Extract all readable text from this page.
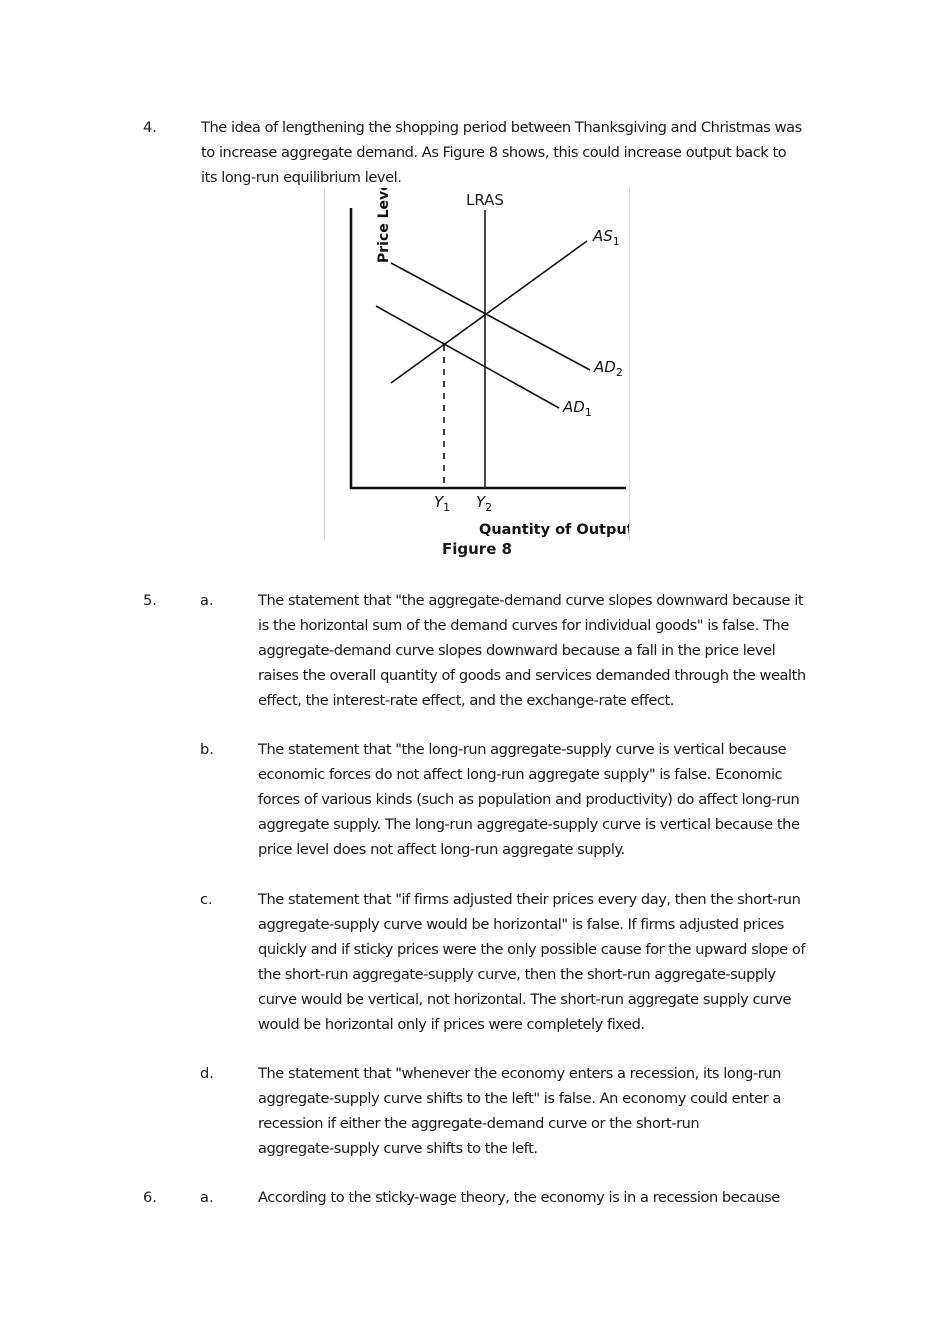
4.	The idea of lengthening the shopping period between Thanksgiving and Christmas was
to increase aggregate demand. As Figure 8 shows, this could increase output back to
its long-run equilibrium level.
Price Level	LRAS
$AS_1$
$AD_2$
$AD_1$
$Y_1$ $Y_2$
Quantity of Output
Figure 8
5.	a.	The statement that "the aggregate-demand curve slopes downward because it
is the horizontal sum of the demand curves for individual goods" is false. The
aggregate-demand curve slopes downward because a fall in the price level
raises the overall quantity of goods and services demanded through the wealth
effect, the interest-rate effect, and the exchange-rate effect.
b.	The statement that "the long-run aggregate-supply curve is vertical because
economic forces do not affect long-run aggregate supply" is false. Economic
forces of various kinds (such as population and productivity) do affect long-run
aggregate supply. The long-run aggregate-supply curve is vertical because the
price level does not affect long-run aggregate supply.
c.	The statement that "if firms adjusted their prices every day, then the short-run
aggregate-supply curve would be horizontal" is false. If firms adjusted prices
quickly and if sticky prices were the only possible cause for the upward slope of
the short-run aggregate-supply curve, then the short-run aggregate-supply
curve would be vertical, not horizontal. The short-run aggregate supply curve
would be horizontal only if prices were completely fixed.
d.	The statement that "whenever the economy enters a recession, its long-run
aggregate-supply curve shifts to the left" is false. An economy could enter a
recession if either the aggregate-demand curve or the short-run
aggregate-supply curve shifts to the left.
6.	a.	According to the sticky-wage theory, the economy is in a recession because
